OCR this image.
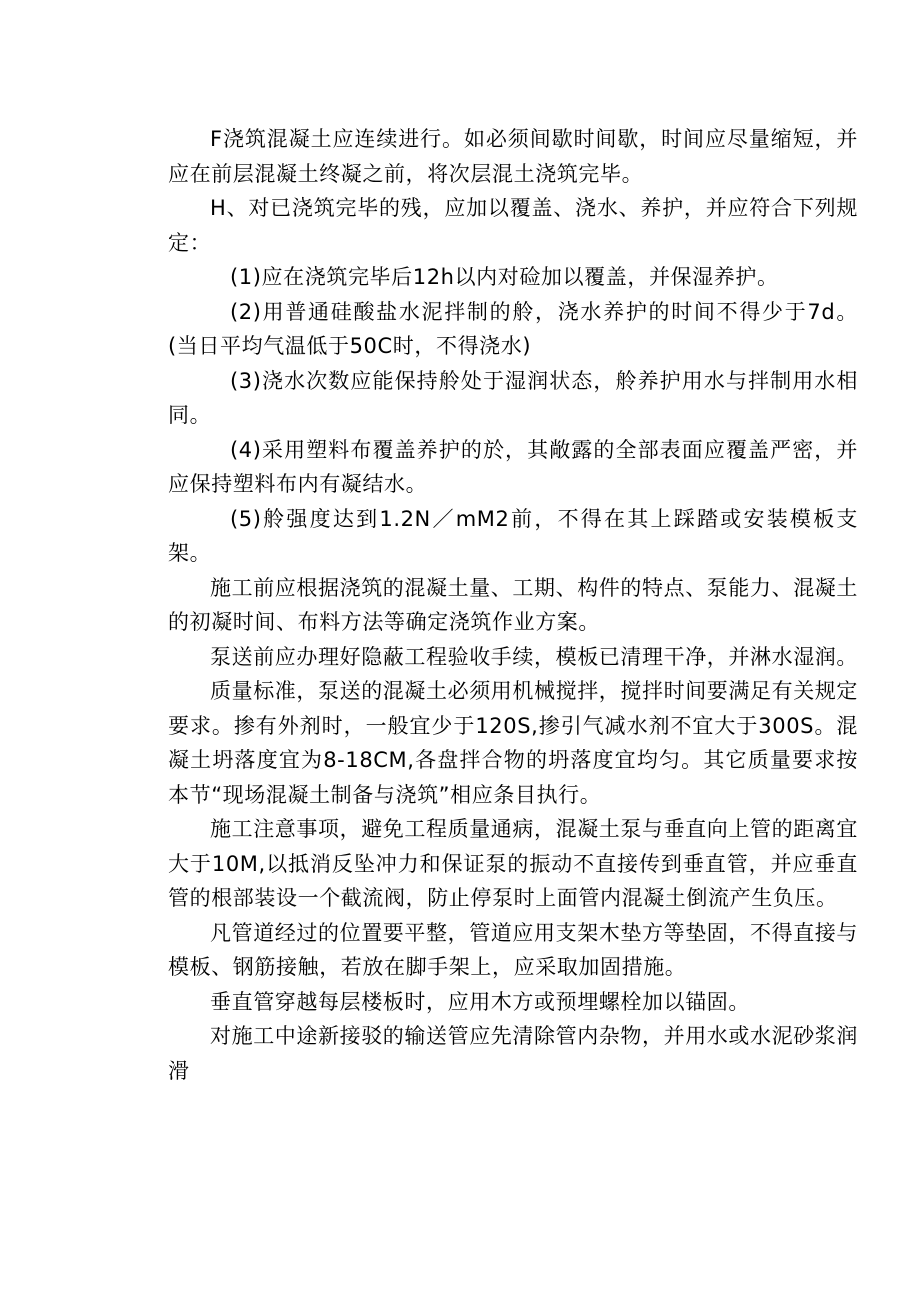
F浇筑混凝土应连续进行。如必须间歇时间歇，时间应尽量缩短，并应在前层混凝土终凝之前，将次层混土浇筑完毕。

H、对已浇筑完毕的残，应加以覆盖、浇水、养护，并应符合下列规定：

(1)应在浇筑完毕后12h以内对硷加以覆盖，并保湿养护。

(2)用普通硅酸盐水泥拌制的舲，浇水养护的时间不得少于7d。(当日平均气温低于50C时，不得浇水)

(3)浇水次数应能保持舲处于湿润状态，舲养护用水与拌制用水相同。

(4)采用塑料布覆盖养护的於，其敞露的全部表面应覆盖严密，并应保持塑料布内有凝结水。

(5)舲强度达到1.2N／mM2前，不得在其上踩踏或安装模板支架。

施工前应根据浇筑的混凝土量、工期、构件的特点、泵能力、混凝土的初凝时间、布料方法等确定浇筑作业方案。

泵送前应办理好隐蔽工程验收手续，模板已清理干净，并淋水湿润。

质量标准，泵送的混凝土必须用机械搅拌，搅拌时间要满足有关规定要求。掺有外剂时，一般宜少于120S,掺引气减水剂不宜大于300S。混凝土坍落度宜为8-18CM,各盘拌合物的坍落度宜均匀。其它质量要求按本节“现场混凝土制备与浇筑”相应条目执行。

施工注意事项，避免工程质量通病，混凝土泵与垂直向上管的距离宜大于10M,以抵消反坠冲力和保证泵的振动不直接传到垂直管，并应垂直管的根部装设一个截流阀，防止停泵时上面管内混凝土倒流产生负压。

凡管道经过的位置要平整，管道应用支架木垫方等垫固，不得直接与模板、钢筋接触，若放在脚手架上，应采取加固措施。

垂直管穿越每层楼板时，应用木方或预埋螺栓加以锚固。

对施工中途新接驳的输送管应先清除管内杂物，并用水或水泥砂浆润滑
